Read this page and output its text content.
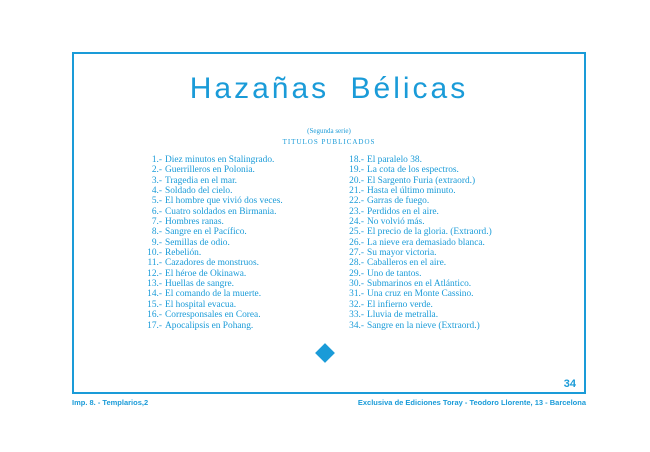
Hazañas Bélicas
(Segunda serie)
TITULOS PUBLICADOS
1.- Diez minutos en Stalingrado.
2.- Guerrilleros en Polonia.
3.- Tragedia en el mar.
4.- Soldado del cielo.
5.- El hombre que vivió dos veces.
6.- Cuatro soldados en Birmania.
7.- Hombres ranas.
8.- Sangre en el Pacífico.
9.- Semillas de odio.
10.- Rebelión.
11.- Cazadores de monstruos.
12.- El héroe de Okinawa.
13.- Huellas de sangre.
14.- El comando de la muerte.
15.- El hospital evacua.
16.- Corresponsales en Corea.
17.- Apocalipsis en Pohang.
18.- El paralelo 38.
19.- La cota de los espectros.
20.- El Sargento Furia (extraord.)
21.- Hasta el último minuto.
22.- Garras de fuego.
23.- Perdidos en el aire.
24.- No volvió más.
25.- El precio de la gloria. (Extraord.)
26.- La nieve era demasiado blanca.
27.- Su mayor victoria.
28.- Caballeros en el aire.
29.- Uno de tantos.
30.- Submarinos en el Atlántico.
31.- Una cruz en Monte Cassino.
32.- El infierno verde.
33.- Lluvia de metralla.
34.- Sangre en la nieve (Extraord.)
34
Imp. 8. - Templarios,2	Exclusiva de Ediciones Toray - Teodoro Llorente, 13 - Barcelona
